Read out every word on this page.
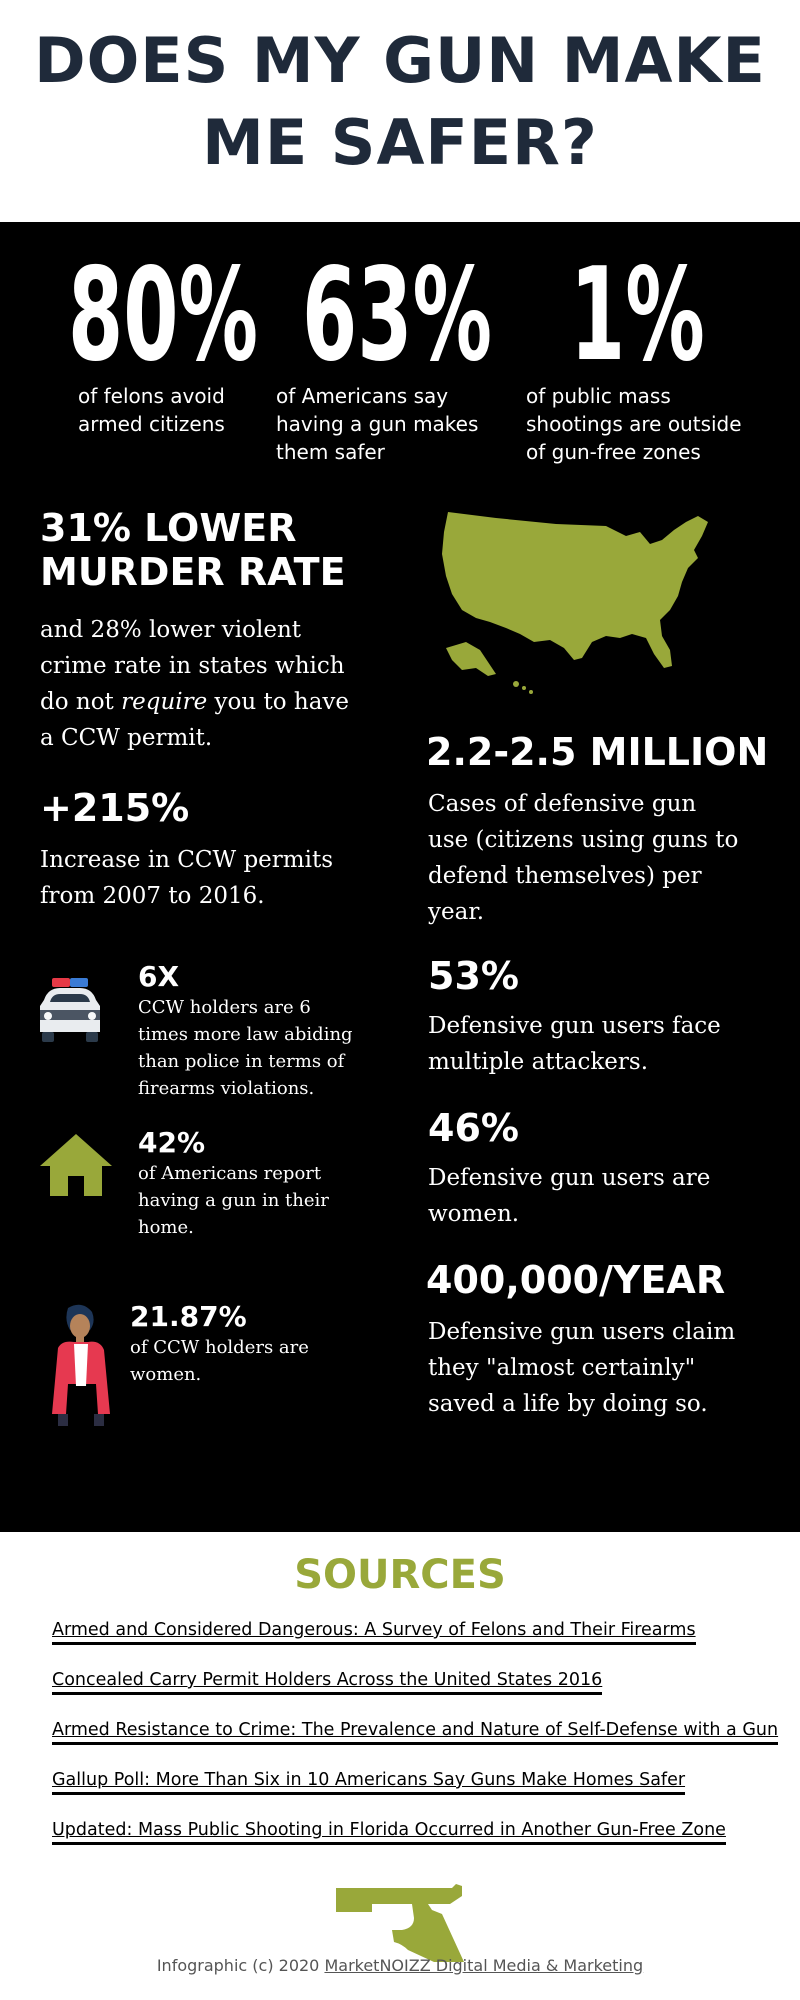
DOES MY GUN MAKE
ME SAFER?
80%
of felons avoid
armed citizens
63%
of Americans say
having a gun makes
them safer
1%
of public mass
shootings are outside
of gun-free zones
31% LOWER
MURDER RATE
and 28% lower violent
crime rate in states which
do not require you to have
a CCW permit.
+215%
Increase in CCW permits
from 2007 to 2016.
6X
CCW holders are 6
times more law abiding
than police in terms of
firearms violations.
42%
of Americans report
having a gun in their
home.
21.87%
of CCW holders are
women.
2.2-2.5 MILLION
Cases of defensive gun
use (citizens using guns to
defend themselves) per
year.
53%
Defensive gun users face
multiple attackers.
46%
Defensive gun users are
women.
400,000/YEAR
Defensive gun users claim
they "almost certainly"
saved a life by doing so.
SOURCES
Armed and Considered Dangerous: A Survey of Felons and Their Firearms
Concealed Carry Permit Holders Across the United States 2016
Armed Resistance to Crime: The Prevalence and Nature of Self-Defense with a Gun
Gallup Poll: More Than Six in 10 Americans Say Guns Make Homes Safer
Updated: Mass Public Shooting in Florida Occurred in Another Gun-Free Zone
Infographic (c) 2020 MarketNOIZZ Digital Media & Marketing
